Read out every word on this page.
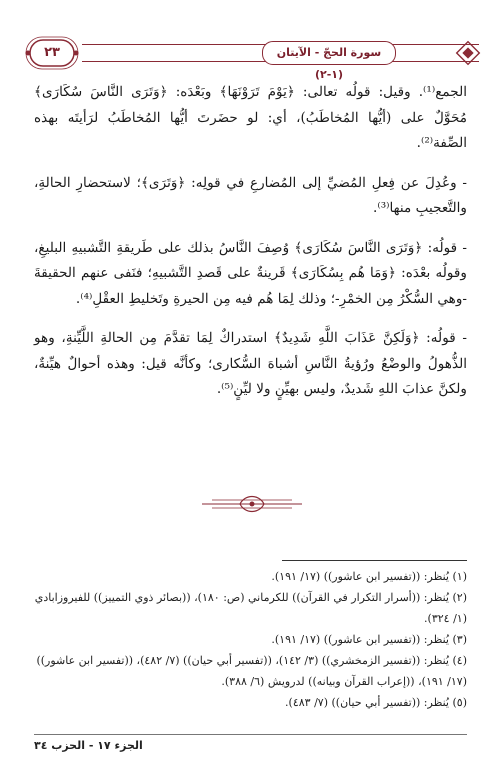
٢٣	سورة الحجّ - الآيتان (١-٢)

الجمع⁽¹⁾. وقيل: قولُه تعالى: ﴿يَوْمَ تَرَوْنَهَا﴾ وبَعْدَه: ﴿وَتَرَى النَّاسَ سُكَارَى﴾ مُحَوَّلٌ على (أيُّها المُخاطَبُ)، أي: لو حضَرتَ أيُّها المُخاطَبُ لرَأيتَه بهذه الصِّفة⁽²⁾.

- وعُدِلَ عن فِعلِ المُضيِّ إلى المُضارعِ في قولِه: ﴿وَتَرَى﴾؛ لاستحضارِ الحالةِ، والتَّعجيبِ منها⁽³⁾.

- قولُه: ﴿وَتَرَى النَّاسَ سُكَارَى﴾ وُصِفَ النَّاسُ بذلك على طَريقةِ التَّشبيهِ البليغِ، وقولُه بعْدَه: ﴿وَمَا هُم بِسُكَارَى﴾ قَرينةٌ على قَصدِ التَّشبيهِ؛ فنَفى عنهم الحقيقةَ -وهي السُّكْرُ مِن الخمْرِ-؛ وذلك لِمَا هُم فيه مِن الحيرةِ وتَخليطِ العقْلِ⁽⁴⁾.

- قولُه: ﴿وَلَكِنَّ عَذَابَ اللَّهِ شَدِيدٌ﴾ استدراكٌ لِمَا تقدَّمَ مِن الحالةِ اللَّيِّنةِ، وهو الذُّهولُ والوضْعُ ورُؤيةُ النَّاسِ أشباهَ السُّكارى؛ وكأنَّه قيل: وهذه أحوالٌ هيِّنةٌ، ولكنَّ عذابَ اللهِ شَديدٌ، وليس بهيِّنٍ ولا ليِّنٍ⁽⁵⁾.

(١) يُنظر: ((تفسير ابن عاشور)) (١٧/ ١٩١).

(٢) يُنظر: ((أسرار التكرار في القرآن)) للكرماني (ص: ١٨٠)، ((بصائر ذوي التمييز)) للفيروزابادي (١/ ٣٢٤).

(٣) يُنظر: ((تفسير ابن عاشور)) (١٧/ ١٩١).

(٤) يُنظر: ((تفسير الزمخشري)) (٣/ ١٤٢)، ((تفسير أبي حيان)) (٧/ ٤٨٢)، ((تفسير ابن عاشور)) (١٧/ ١٩١)، ((إعراب القرآن وبيانه)) لدرويش (٦/ ٣٨٨).

(٥) يُنظر: ((تفسير أبي حيان)) (٧/ ٤٨٣).

الجزء ١٧ - الحزب ٣٤
